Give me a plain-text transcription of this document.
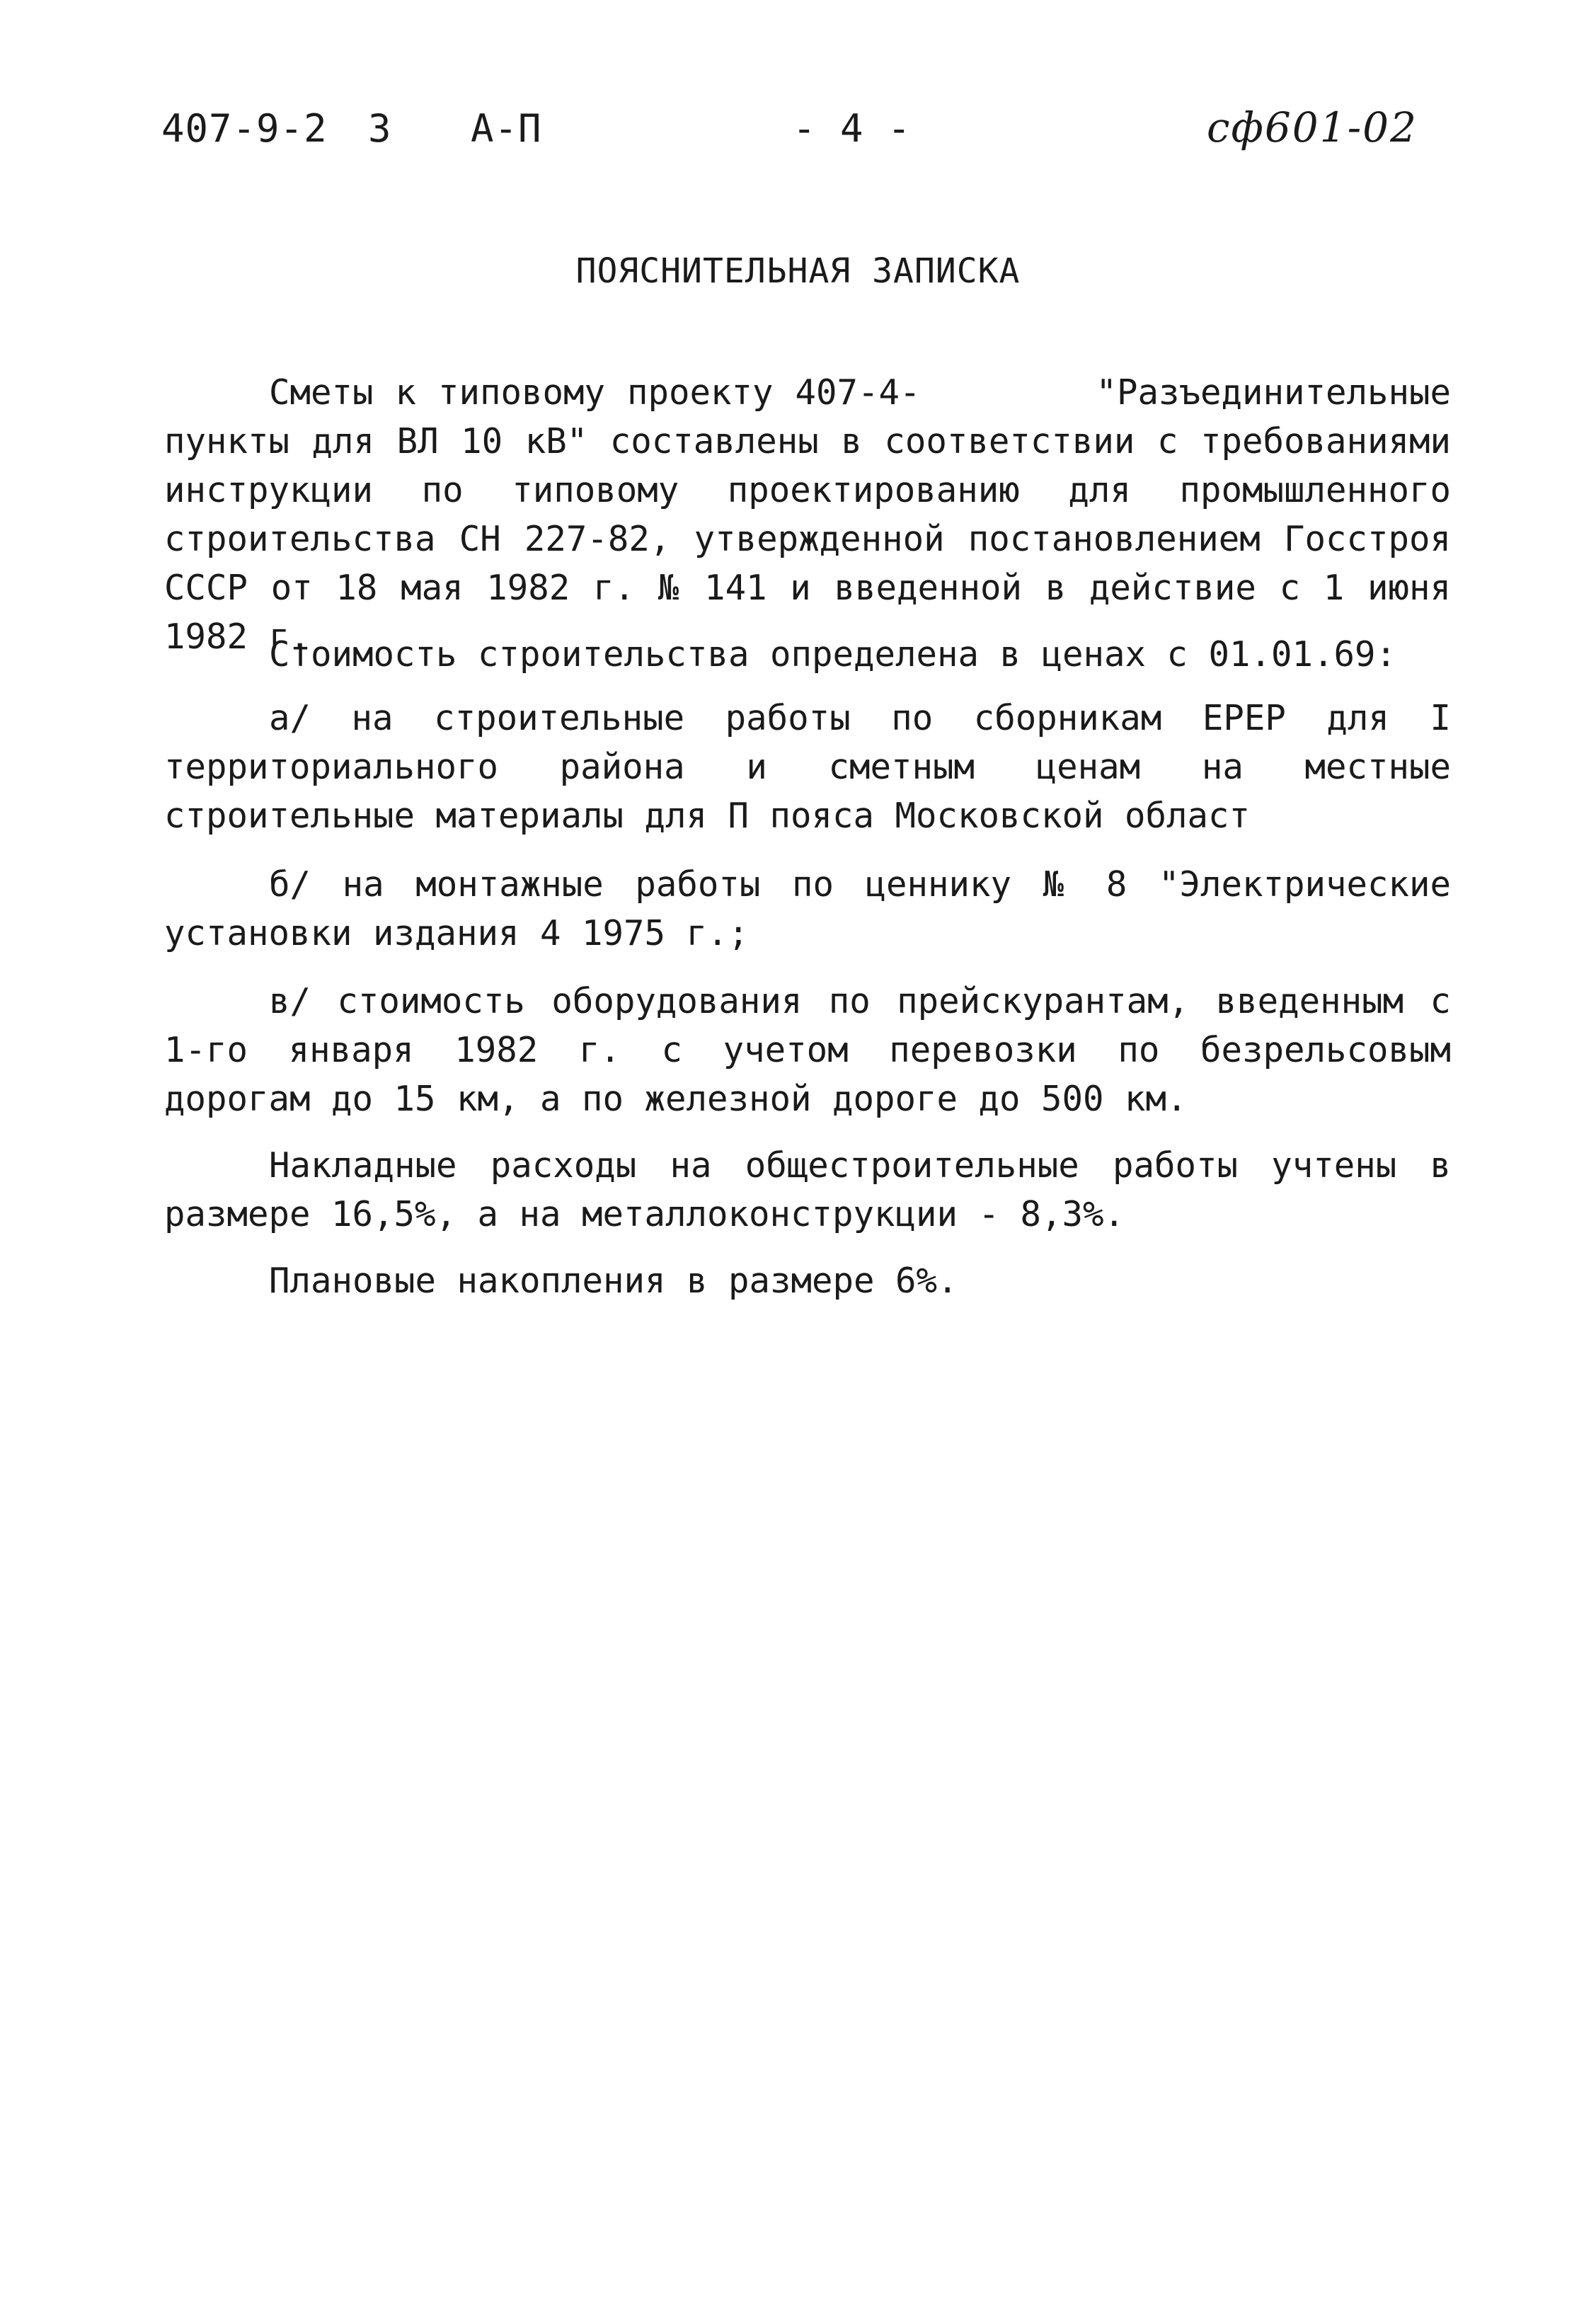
407-9-2 3 А-П	- 4 -	сф601-02
ПОЯСНИТЕЛЬНАЯ ЗАПИСКА

Сметы к типовому проекту 407-4-        "Разъединительные пункты для ВЛ 10 кВ" составлены в соответствии с требованиями инструкции по типовому проектированию для промышленного строительства СН 227-82, утвержденной постановлением Госстроя СССР от 18 мая 1982 г. № 141 и введенной в действие с 1 июня 1982 г.

Стоимость строительства определена в ценах с 01.01.69:

а/ на строительные работы по сборникам ЕРЕР для I территориального района и сметным ценам на местные строительные материалы для П пояса Московской област

б/ на монтажные работы по ценнику № 8 "Электрические установки издания 4 1975 г.;

в/ стоимость оборудования по прейскурантам, введенным с 1-го января 1982 г. с учетом перевозки по безрельсовым дорогам до 15 км, а по железной дороге до 500 км.

Накладные расходы на общестроительные работы учтены в размере 16,5%, а на металлоконструкции - 8,3%.

Плановые накопления в размере 6%.
